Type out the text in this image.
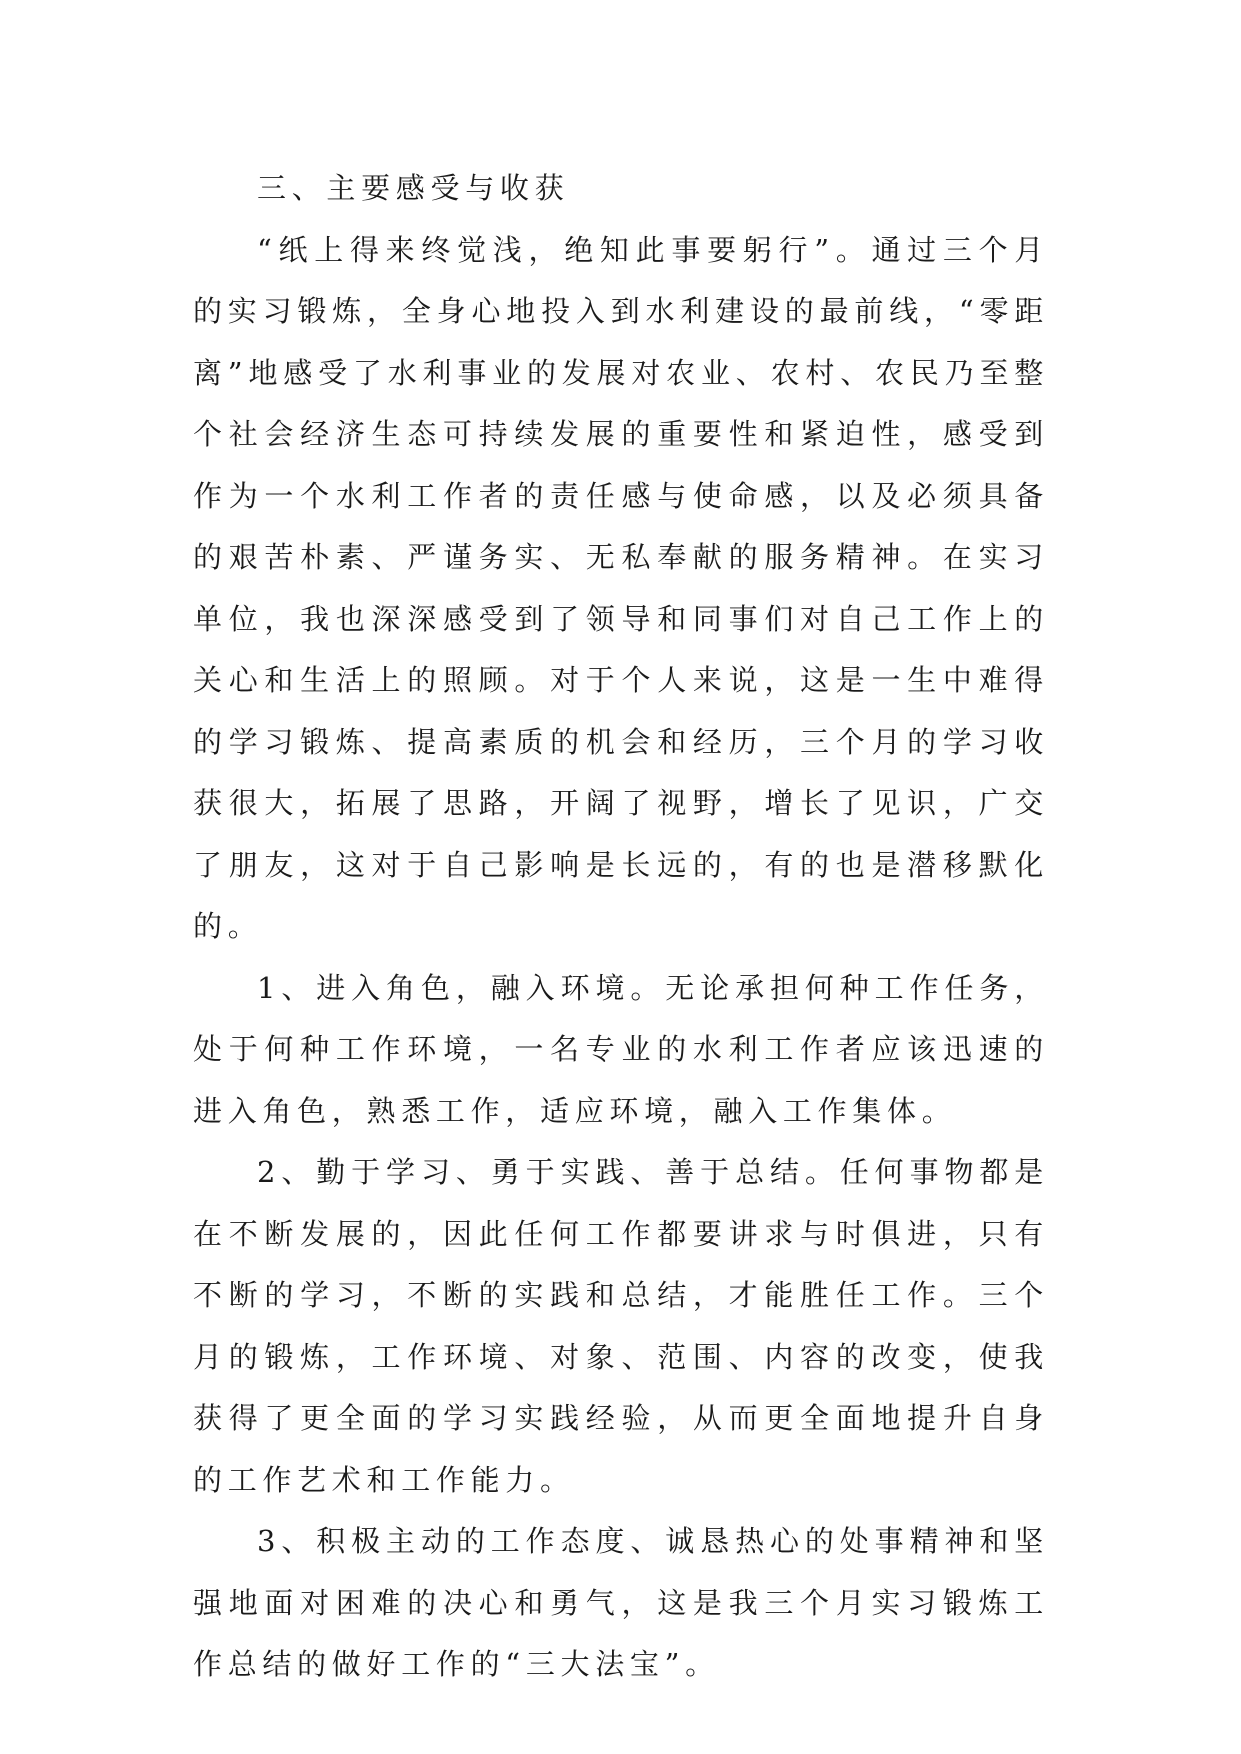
三、主要感受与收获

“纸上得来终觉浅，绝知此事要躬行”。通过三个月的实习锻炼，全身心地投入到水利建设的最前线，“零距离”地感受了水利事业的发展对农业、农村、农民乃至整个社会经济生态可持续发展的重要性和紧迫性，感受到作为一个水利工作者的责任感与使命感，以及必须具备的艰苦朴素、严谨务实、无私奉献的服务精神。在实习单位，我也深深感受到了领导和同事们对自己工作上的关心和生活上的照顾。对于个人来说，这是一生中难得的学习锻炼、提高素质的机会和经历，三个月的学习收获很大，拓展了思路，开阔了视野，增长了见识，广交了朋友，这对于自己影响是长远的，有的也是潜移默化的。

1、进入角色，融入环境。无论承担何种工作任务，处于何种工作环境，一名专业的水利工作者应该迅速的进入角色，熟悉工作，适应环境，融入工作集体。

2、勤于学习、勇于实践、善于总结。任何事物都是在不断发展的，因此任何工作都要讲求与时俱进，只有不断的学习，不断的实践和总结，才能胜任工作。三个月的锻炼，工作环境、对象、范围、内容的改变，使我获得了更全面的学习实践经验，从而更全面地提升自身的工作艺术和工作能力。

3、积极主动的工作态度、诚恳热心的处事精神和坚强地面对困难的决心和勇气，这是我三个月实习锻炼工作总结的做好工作的“三大法宝”。
